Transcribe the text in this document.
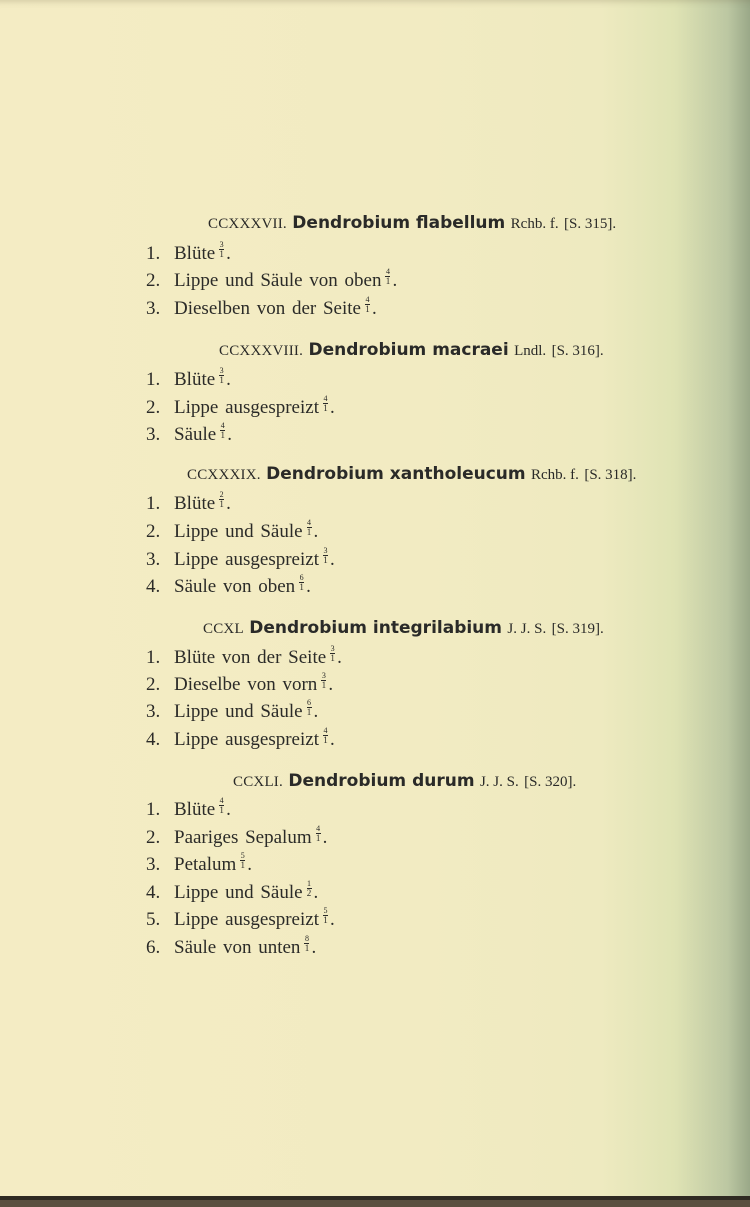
CCXXXVII. Dendrobium flabellum Rchb. f. [S. 315].
1. Blüte $\frac{3}{1}$ .
2. Lippe und Säule von oben $\frac{4}{1}$ .
3. Dieselben von der Seite $\frac{4}{1}$ .
CCXXXVIII. Dendrobium macraei Lndl. [S. 316].
1. Blüte $\frac{3}{1}$ .
2. Lippe ausgespreizt $\frac{4}{1}$ .
3. Säule $\frac{4}{1}$ .
CCXXXIX. Dendrobium xantholeucum Rchb. f. [S. 318].
1. Blüte $\frac{2}{1}$ .
2. Lippe und Säule $\frac{4}{1}$ .
3. Lippe ausgespreizt $\frac{3}{1}$ .
4. Säule von oben $\frac{6}{1}$ .
CCXL Dendrobium integrilabium J. J. S. [S. 319].
1. Blüte von der Seite $\frac{3}{1}$ .
2. Dieselbe von vorn $\frac{3}{1}$ .
3. Lippe und Säule $\frac{6}{1}$ .
4. Lippe ausgespreizt $\frac{4}{1}$ .
CCXLI. Dendrobium durum J. J. S. [S. 320].
1. Blüte $\frac{4}{1}$ .
2. Paariges Sepalum $\frac{4}{1}$ .
3. Petalum $\frac{5}{1}$ .
4. Lippe und Säule $\frac{1}{2}$ .
5. Lippe ausgespreizt $\frac{5}{1}$ .
6. Säule von unten $\frac{8}{1}$ .
